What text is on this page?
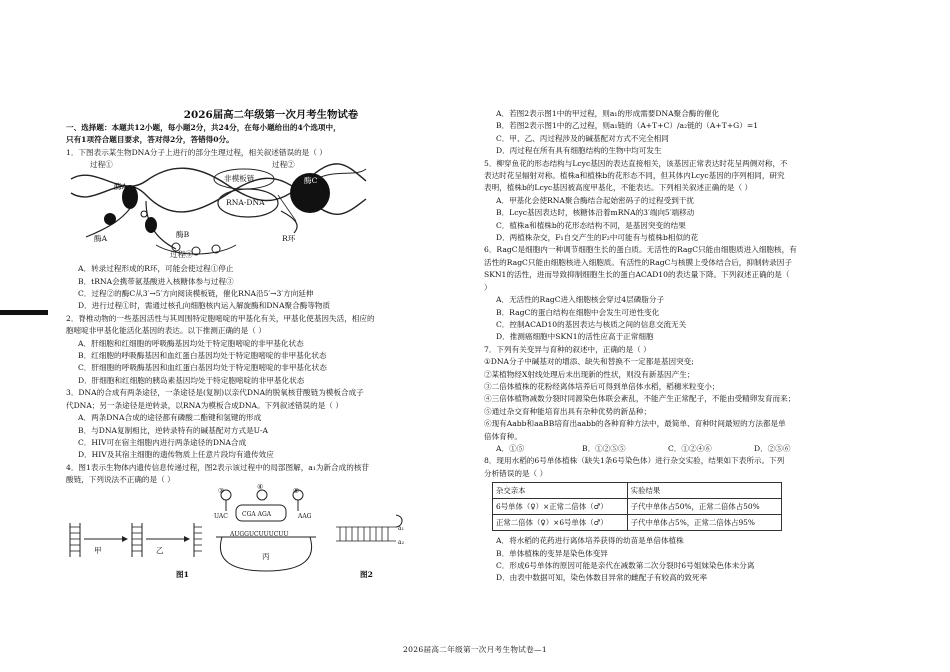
2026届高二年级第一次月考生物试卷
一、选择题：本题共12小题，每小题2分，共24分，在每小题给出的4个选项中，
只有1项符合题目要求，答对得2分，答错得0分。
1．下图表示某生物DNA分子上进行的部分生理过程，相关叙述错误的是（ ）
过程①	过程②
酶A
酶C
酶B
酶A
非模板链
RNA-DNA
R环
过程③
A．转录过程形成的R环，可能会使过程①停止
B．tRNA会携带氨基酸进入核糖体参与过程③
C．过程②的酶C从3′→5′方向阅读模板链，催化RNA沿5′→3′方向延伸
D．进行过程①时，需通过核孔向细胞核内运入解旋酶和DNA聚合酶等物质
2．脊椎动物的一些基因活性与其周围特定胞嘧啶的甲基化有关，甲基化使基因失活，相应的
胞嘧啶非甲基化能活化基因的表达。以下推测正确的是（ ）
A．肝细胞和红细胞的呼吸酶基因均处于特定胞嘧啶的非甲基化状态
B．红细胞的呼吸酶基因和血红蛋白基因均处于特定胞嘧啶的非甲基化状态
C．肝细胞的呼吸酶基因和血红蛋白基因均处于特定胞嘧啶的非甲基化状态
D．肝细胞和红细胞的胰岛素基因均处于特定胞嘧啶的非甲基化状态
3．DNA的合成有两条途径，一条途径是(复制)以亲代DNA的脱氧核苷酸链为模板合成子
代DNA；另一条途径是逆转录，以RNA为模板合成DNA。下列叙述错误的是（ ）
A．两条DNA合成的途径都有磷酸二酯键和氢键的形成
B．与DNA复制相比，逆转录特有的碱基配对方式是U-A
C．HIV可在宿主细胞内进行两条途径的DNA合成
D．HIV及其宿主细胞的遗传物质上任意片段均有遗传效应
4．图1表示生物体内遗传信息传递过程，图2表示该过程中的局部图解，a₁为新合成的核苷
酸链，下列说法不正确的是（ ）
甲	乙
丙
③	④	⑤
UAC	AAG
CGA AGA
AUGGUCUUUCUU
a₁
a₂
图1	图2
A．若图2表示图1中的甲过程，则a₁的形成需要DNA聚合酶的催化
B．若图2表示图1中的乙过程，则a₁链的（A+T+C）/a₂链的（A+T+G）=1
C．甲、乙、丙过程涉及的碱基配对方式不完全相同
D．丙过程在所有具有细胞结构的生物中均可发生
5．柳穿鱼花的形态结构与Lcyc基因的表达直接相关，该基因正常表达时花呈两侧对称，不
表达时花呈辐射对称。植株a和植株b的花形态不同，但其体内Lcyc基因的序列相同，研究
表明，植株b的Lcyc基因被高度甲基化，不能表达。下列相关叙述正确的是（ ）
A．甲基化会使RNA聚合酶结合起始密码子的过程受到干扰
B．Lcyc基因表达时，核糖体沿着mRNA的3′端向5′端移动
C．植株a和植株b的花形态结构不同，是基因突变的结果
D．两植株杂交，F₁自交产生的F₂中可能有与植株b相似的花
6．RagC是细胞内一种调节细胞生长的蛋白质。无活性的RagC只能由细胞质进入细胞核，有
活性的RagC只能由细胞核进入细胞质。有活性的RagC与核膜上受体结合后，抑制转录因子
SKN1的活性，进而导致抑制细胞生长的蛋白ACAD10的表达量下降。下列叙述正确的是（
）
A．无活性的RagC进入细胞核会穿过4层磷脂分子
B．RagC的蛋白结构在细胞中会发生可逆性变化
C．控制ACAD10的基因表达与核质之间的信息交流无关
D．推测癌细胞中SKN1的活性应高于正常细胞
7．下列有关变异与育种的叙述中，正确的是（ ）
①DNA分子中碱基对的增添、缺失和替换不一定都是基因突变;
②某植物经X射线处理后未出现新的性状，则没有新基因产生；
③二倍体植株的花粉经离体培养后可得到单倍体水稻，稻穗米粒变小；
④三倍体植物减数分裂时同源染色体联会紊乱，不能产生正常配子，不能由受精卵发育而来；
⑤通过杂交育种能培育出具有杂种优势的新品种；
⑥现有Aabb和aaBB培育出aabb的各种育种方法中，最简单、育种时间最短的方法都是单
倍体育种。
A．①⑤	B．①②⑤⑤	C．①②④⑥	D．②⑤⑥
8．现用水稻的6号单体植株（缺失1条6号染色体）进行杂交实验，结果如下表所示。下列
分析错误的是（ ）
杂交亲本	实验结果
6号单体（♀）×正常二倍体（♂）	子代中单体占50%，正常二倍体占50%
正常二倍体（♀）×6号单体（♂）	子代中单体占5%，正常二倍体占95%
A．将水稻的花药进行离体培养获得的幼苗是单倍体植株
B．单体植株的变异是染色体变异
C．形成6号单体的原因可能是亲代在减数第二次分裂时6号姐妹染色体未分离
D．由表中数据可知，染色体数目异常的雌配子有较高的致死率
2026届高二年级第一次月考生物试卷—1
